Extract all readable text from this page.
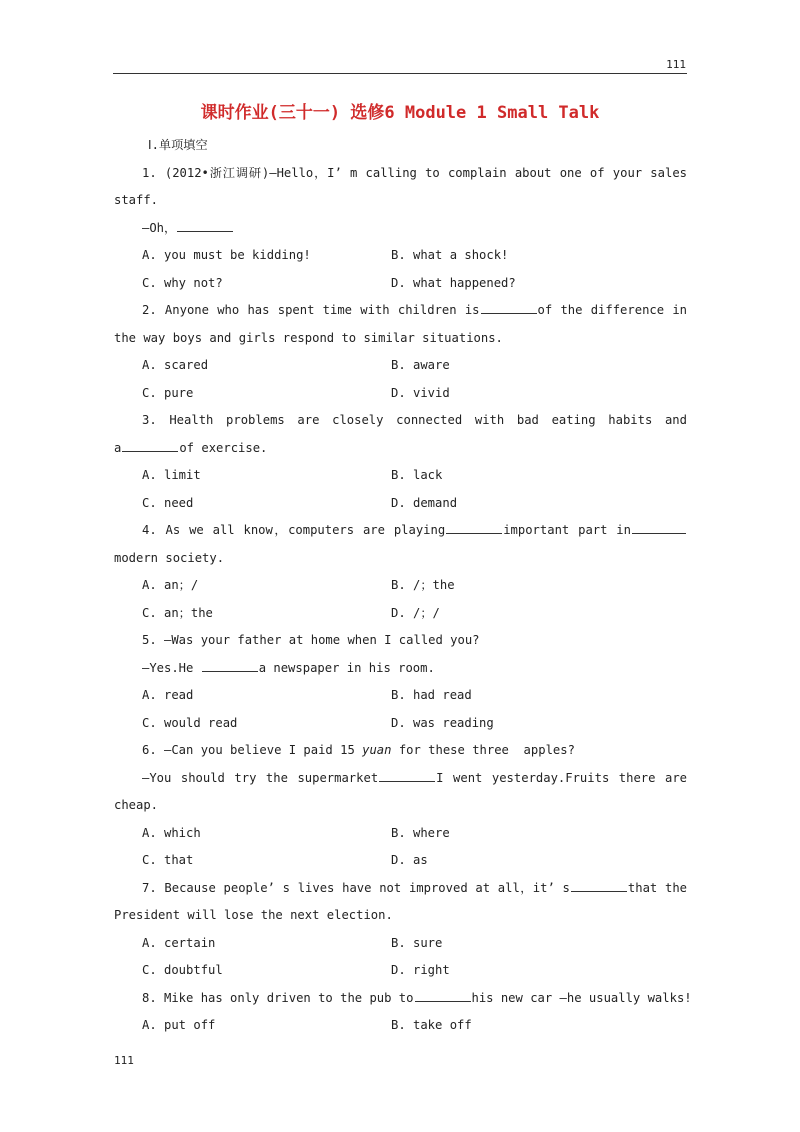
111
课时作业(三十一) 选修6 Module 1 Small Talk
Ⅰ.单项填空
1. (2012•浙江调研)—Hello，I’ m calling to complain about one of your sales
staff.
—Oh，
A. you must be kidding!	B. what a shock!
C. why not?	D. what happened?
2. Anyone who has spent time with children is	of the difference in
the way boys and girls respond to similar situations.
A. scared	B. aware
C. pure	D. vivid
3. Health problems are closely connected with bad eating habits and
a	of exercise.
A. limit	B. lack
C. need	D. demand
4. As we all know，computers are playing	important part in
modern society.
A. an；/	B. /；the
C. an；the	D. /；/
5. —Was your father at home when I called you?
—Yes.He	a newspaper in his room.
A. read	B. had read
C. would read	D. was reading
6. —Can you believe I paid 15 yuan for these three  apples?
—You should try the supermarket	I went yesterday.Fruits there are
cheap.
A. which	B. where
C. that	D. as
7. Because people’ s lives have not improved at all，it’ s	that the
President will lose the next election.
A. certain	B. sure
C. doubtful	D. right
8. Mike has only driven to the pub to	his new car —he usually walks!
A. put off	B. take off
111
